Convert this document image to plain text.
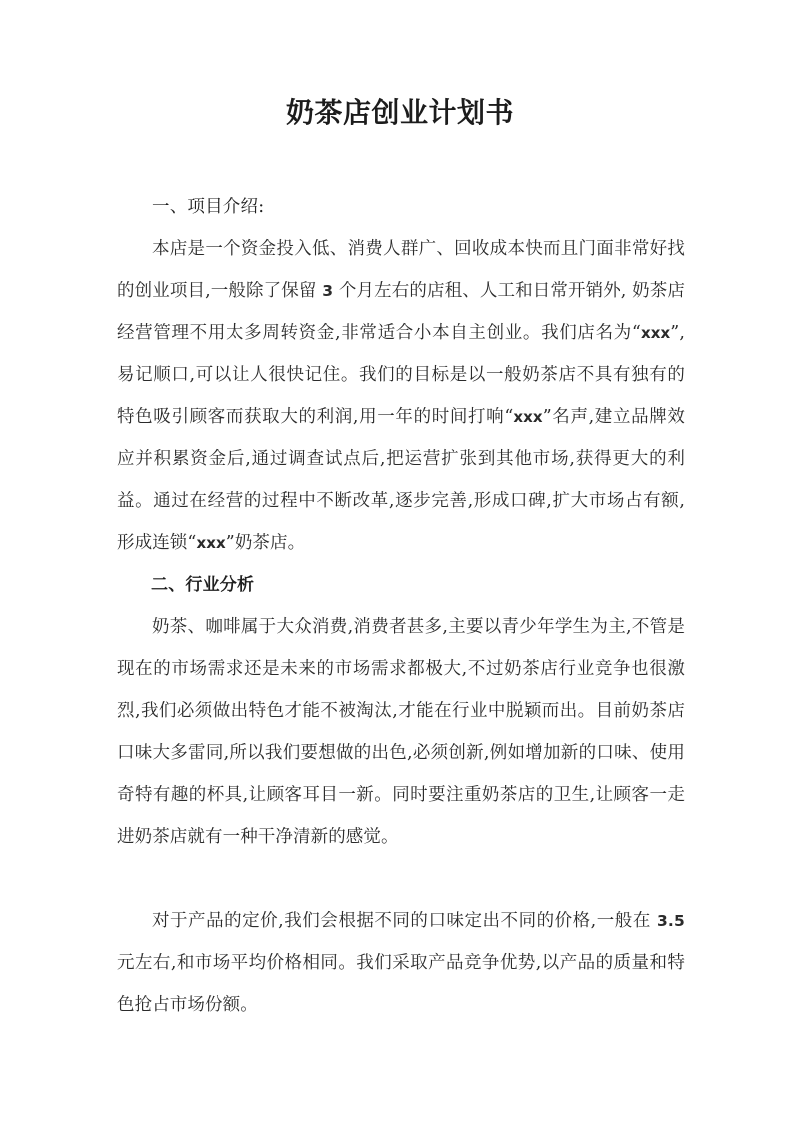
奶茶店创业计划书

一、项目介绍:

本店是一个资金投入低、消费人群广、回收成本快而且门面非常好找的创业项目,一般除了保留 3 个月左右的店租、人工和日常开销外, 奶茶店经营管理不用太多周转资金,非常适合小本自主创业。我们店名为“xxx”,易记顺口,可以让人很快记住。我们的目标是以一般奶茶店不具有独有的特色吸引顾客而获取大的利润,用一年的时间打响“xxx”名声,建立品牌效应并积累资金后,通过调查试点后,把运营扩张到其他市场,获得更大的利益。通过在经营的过程中不断改革,逐步完善,形成口碑,扩大市场占有额,形成连锁“xxx”奶茶店。

二、行业分析

奶茶、咖啡属于大众消费,消费者甚多,主要以青少年学生为主,不管是现在的市场需求还是未来的市场需求都极大,不过奶茶店行业竞争也很激烈,我们必须做出特色才能不被淘汰,才能在行业中脱颖而出。目前奶茶店口味大多雷同,所以我们要想做的出色,必须创新,例如增加新的口味、使用奇特有趣的杯具,让顾客耳目一新。同时要注重奶茶店的卫生,让顾客一走进奶茶店就有一种干净清新的感觉。

对于产品的定价,我们会根据不同的口味定出不同的价格,一般在 3.5 元左右,和市场平均价格相同。我们采取产品竞争优势,以产品的质量和特色抢占市场份额。
